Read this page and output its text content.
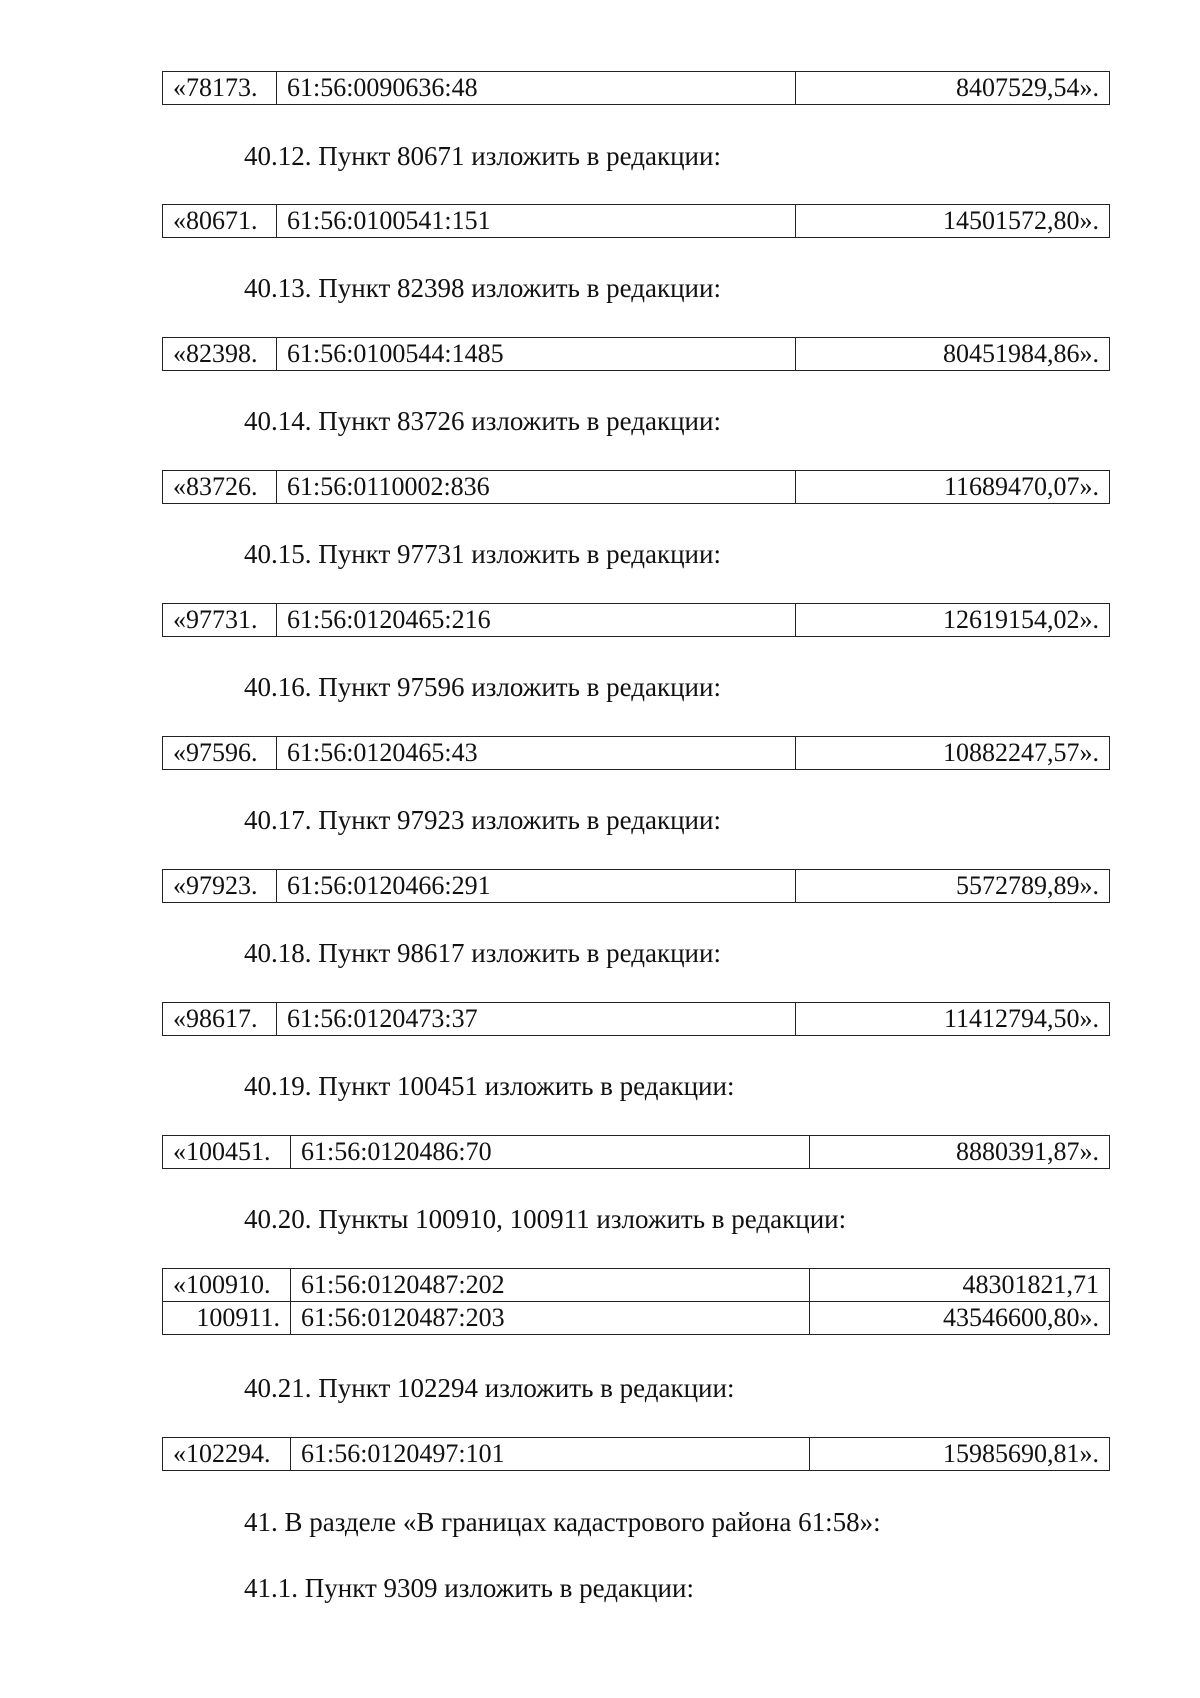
«78173.	61:56:0090636:48	8407529,54».
40.12. Пункт 80671 изложить в редакции:
«80671.	61:56:0100541:151	14501572,80».
40.13. Пункт 82398 изложить в редакции:
«82398.	61:56:0100544:1485	80451984,86».
40.14. Пункт 83726 изложить в редакции:
«83726.	61:56:0110002:836	11689470,07».
40.15. Пункт 97731 изложить в редакции:
«97731.	61:56:0120465:216	12619154,02».
40.16. Пункт 97596 изложить в редакции:
«97596.	61:56:0120465:43	10882247,57».
40.17. Пункт 97923 изложить в редакции:
«97923.	61:56:0120466:291	5572789,89».
40.18. Пункт 98617 изложить в редакции:
«98617.	61:56:0120473:37	11412794,50».
40.19. Пункт 100451 изложить в редакции:
«100451.	61:56:0120486:70	8880391,87».
40.20. Пункты 100910, 100911 изложить в редакции:
«100910.	61:56:0120487:202	48301821,71
100911.	61:56:0120487:203	43546600,80».
40.21. Пункт 102294 изложить в редакции:
«102294.	61:56:0120497:101	15985690,81».
41. В разделе «В границах кадастрового района 61:58»:
41.1. Пункт 9309 изложить в редакции:
